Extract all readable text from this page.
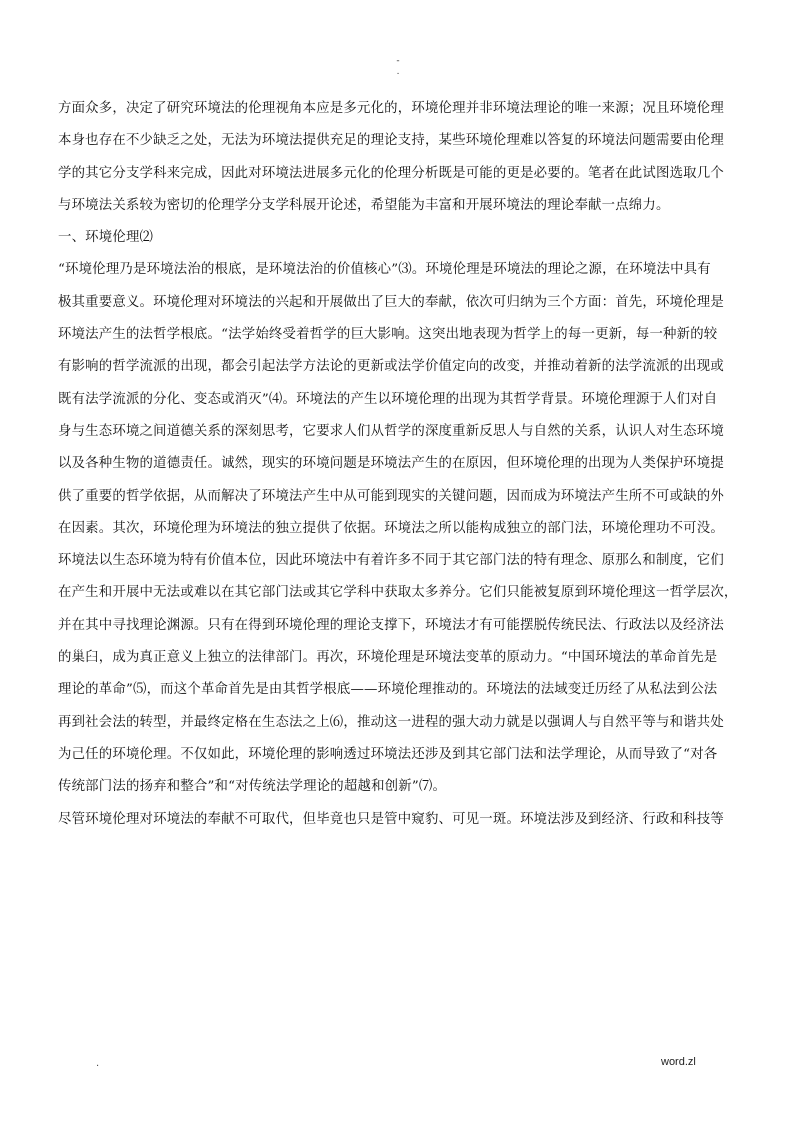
-
.
方面众多，决定了研究环境法的伦理视角本应是多元化的，环境伦理并非环境法理论的唯一来源；况且环境伦理
本身也存在不少缺乏之处，无法为环境法提供充足的理论支持，某些环境伦理难以答复的环境法问题需要由伦理
学的其它分支学科来完成，因此对环境法进展多元化的伦理分析既是可能的更是必要的。笔者在此试图选取几个
与环境法关系较为密切的伦理学分支学科展开论述，希望能为丰富和开展环境法的理论奉献一点绵力。
一、环境伦理⑵
“环境伦理乃是环境法治的根底，是环境法治的价值核心”⑶。环境伦理是环境法的理论之源，在环境法中具有
极其重要意义。环境伦理对环境法的兴起和开展做出了巨大的奉献，依次可归纳为三个方面：首先，环境伦理是
环境法产生的法哲学根底。“法学始终受着哲学的巨大影响。这突出地表现为哲学上的每一更新，每一种新的较
有影响的哲学流派的出现，都会引起法学方法论的更新或法学价值定向的改变，并推动着新的法学流派的出现或
既有法学流派的分化、变态或消灭”⑷。环境法的产生以环境伦理的出现为其哲学背景。环境伦理源于人们对自
身与生态环境之间道德关系的深刻思考，它要求人们从哲学的深度重新反思人与自然的关系，认识人对生态环境
以及各种生物的道德责任。诚然，现实的环境问题是环境法产生的在原因，但环境伦理的出现为人类保护环境提
供了重要的哲学依据，从而解决了环境法产生中从可能到现实的关键问题，因而成为环境法产生所不可或缺的外
在因素。其次，环境伦理为环境法的独立提供了依据。环境法之所以能构成独立的部门法，环境伦理功不可没。
环境法以生态环境为特有价值本位，因此环境法中有着许多不同于其它部门法的特有理念、原那么和制度，它们
在产生和开展中无法或难以在其它部门法或其它学科中获取太多养分。它们只能被复原到环境伦理这一哲学层次，
并在其中寻找理论渊源。只有在得到环境伦理的理论支撑下，环境法才有可能摆脱传统民法、行政法以及经济法
的巢臼，成为真正意义上独立的法律部门。再次，环境伦理是环境法变革的原动力。“中国环境法的革命首先是
理论的革命”⑸，而这个革命首先是由其哲学根底——环境伦理推动的。环境法的法域变迁历经了从私法到公法
再到社会法的转型，并最终定格在生态法之上⑹，推动这一进程的强大动力就是以强调人与自然平等与和谐共处
为己任的环境伦理。不仅如此，环境伦理的影响透过环境法还涉及到其它部门法和法学理论，从而导致了“对各
传统部门法的扬弃和整合”和“对传统法学理论的超越和创新”⑺。
尽管环境伦理对环境法的奉献不可取代，但毕竟也只是管中窥豹、可见一斑。环境法涉及到经济、行政和科技等
.	word.zl
